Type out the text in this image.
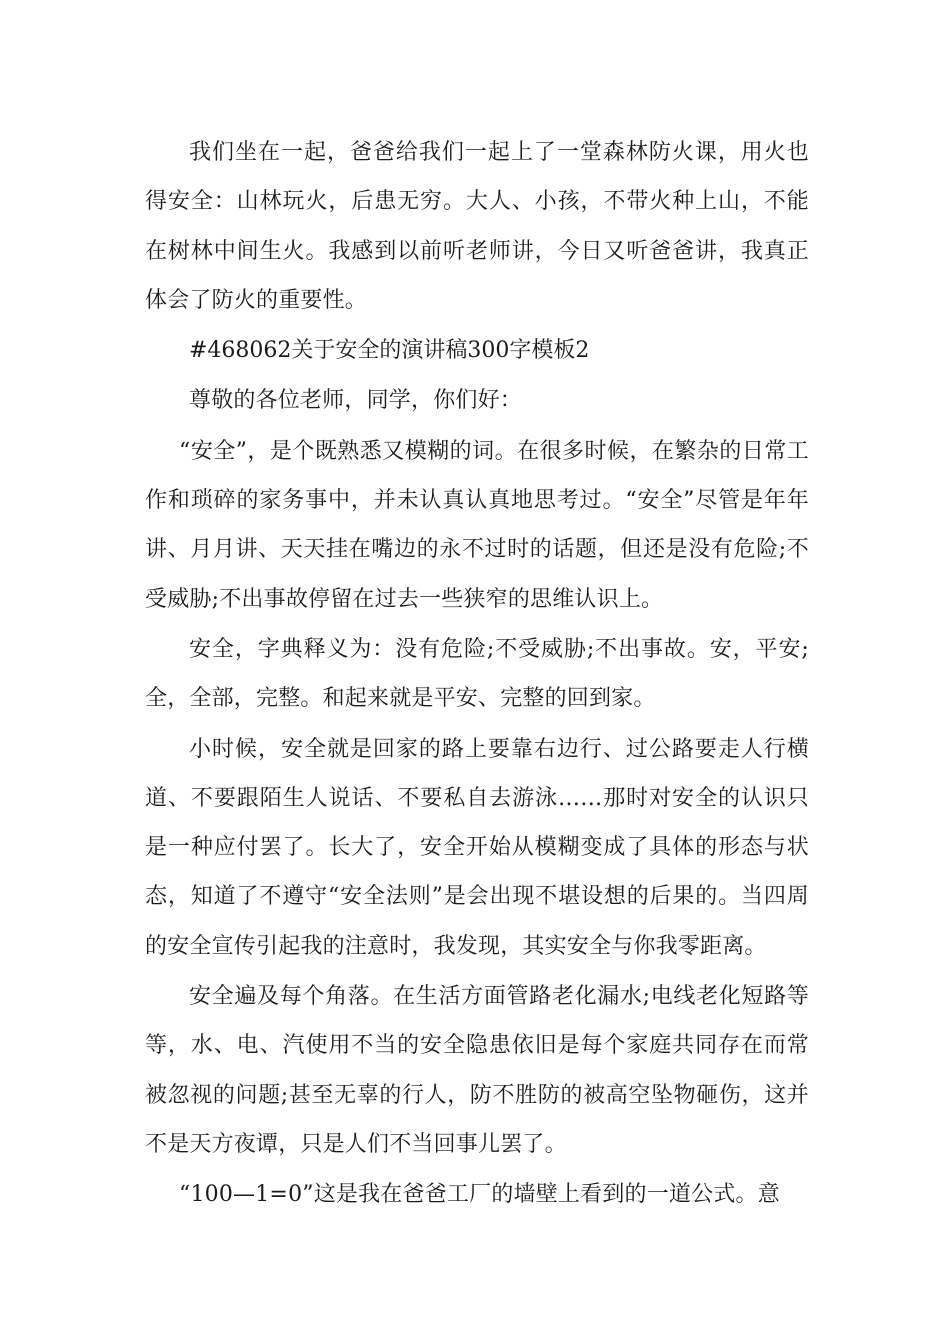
我们坐在一起，爸爸给我们一起上了一堂森林防火课，用火也得安全：山林玩火，后患无穷。大人、小孩，不带火种上山，不能在树林中间生火。我感到以前听老师讲，今日又听爸爸讲，我真正体会了防火的重要性。

#468062关于安全的演讲稿300字模板2

尊敬的各位老师，同学，你们好：

“安全”，是个既熟悉又模糊的词。在很多时候，在繁杂的日常工作和琐碎的家务事中，并未认真认真地思考过。“安全”尽管是年年讲、月月讲、天天挂在嘴边的永不过时的话题，但还是没有危险;不受威胁;不出事故停留在过去一些狭窄的思维认识上。

安全，字典释义为：没有危险;不受威胁;不出事故。安，平安;全，全部，完整。和起来就是平安、完整的回到家。

小时候，安全就是回家的路上要靠右边行、过公路要走人行横道、不要跟陌生人说话、不要私自去游泳……那时对安全的认识只是一种应付罢了。长大了，安全开始从模糊变成了具体的形态与状态，知道了不遵守“安全法则”是会出现不堪设想的后果的。当四周的安全宣传引起我的注意时，我发现，其实安全与你我零距离。

安全遍及每个角落。在生活方面管路老化漏水;电线老化短路等等，水、电、汽使用不当的安全隐患依旧是每个家庭共同存在而常被忽视的问题;甚至无辜的行人，防不胜防的被高空坠物砸伤，这并不是天方夜谭，只是人们不当回事儿罢了。

“100—1=0”这是我在爸爸工厂的墙壁上看到的一道公式。意
